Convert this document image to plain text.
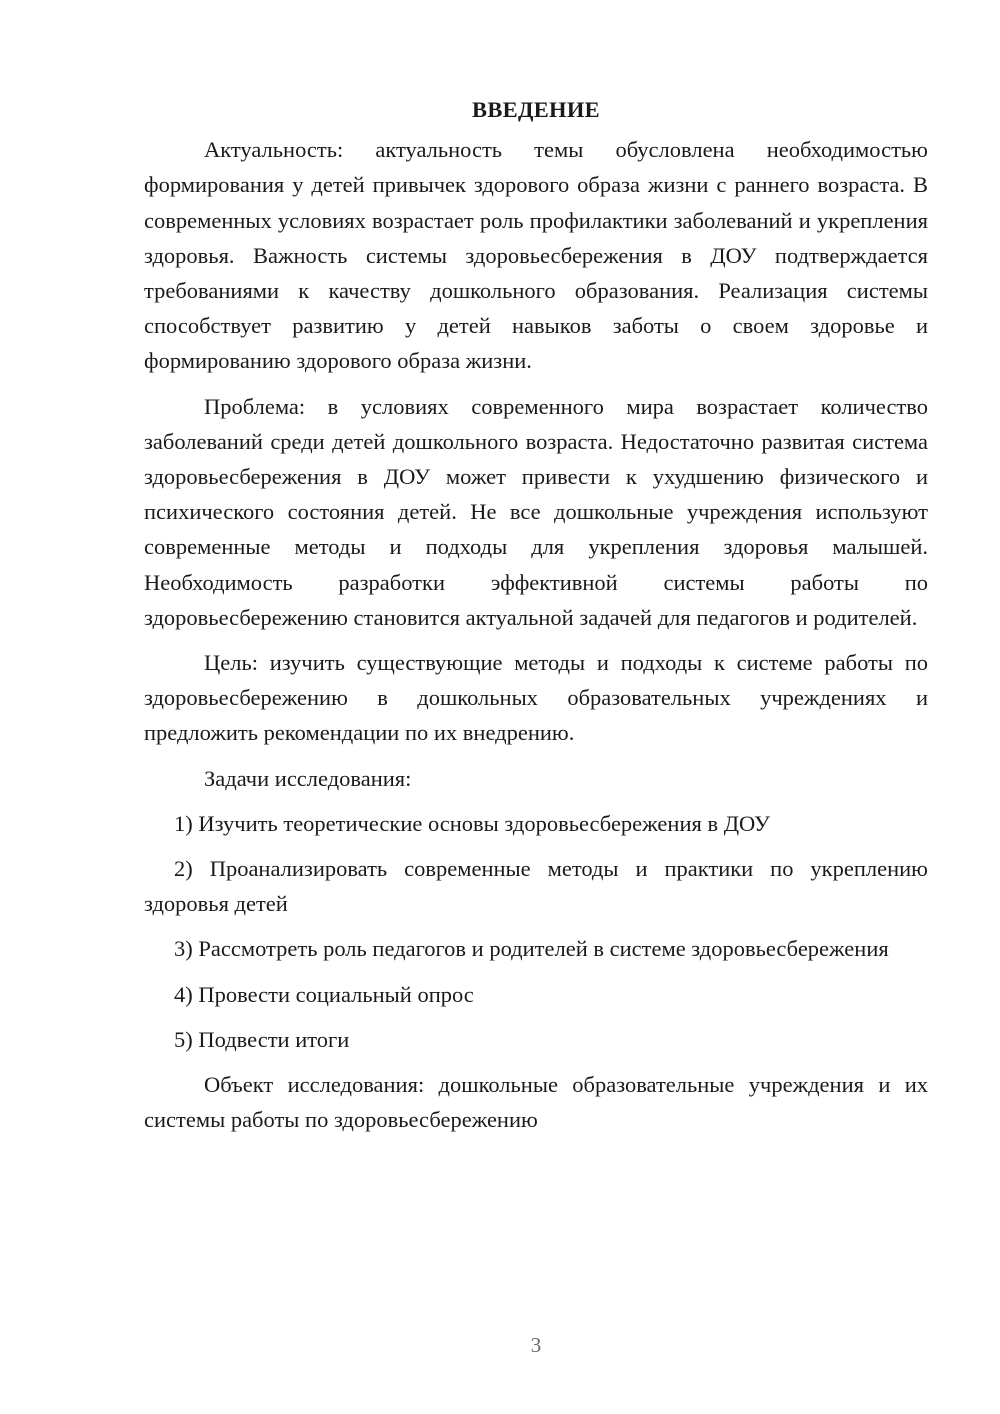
ВВЕДЕНИЕ

Актуальность: актуальность темы обусловлена необходимостью формирования у детей привычек здорового образа жизни с раннего возраста. В современных условиях возрастает роль профилактики заболеваний и укрепления здоровья. Важность системы здоровьесбережения в ДОУ подтверждается требованиями к качеству дошкольного образования. Реализация системы способствует развитию у детей навыков заботы о своем здоровье и формированию здорового образа жизни.

Проблема: в условиях современного мира возрастает количество заболеваний среди детей дошкольного возраста. Недостаточно развитая система здоровьесбережения в ДОУ может привести к ухудшению физического и психического состояния детей. Не все дошкольные учреждения используют современные методы и подходы для укрепления здоровья малышей. Необходимость разработки эффективной системы работы по здоровьесбережению становится актуальной задачей для педагогов и родителей.

Цель: изучить существующие методы и подходы к системе работы по здоровьесбережению в дошкольных образовательных учреждениях и предложить рекомендации по их внедрению.

Задачи исследования:

1) Изучить теоретические основы здоровьесбережения в ДОУ

2) Проанализировать современные методы и практики по укреплению здоровья детей

3) Рассмотреть роль педагогов и родителей в системе здоровьесбережения

4) Провести социальный опрос

5) Подвести итоги

Объект исследования: дошкольные образовательные учреждения и их системы работы по здоровьесбережению

3
